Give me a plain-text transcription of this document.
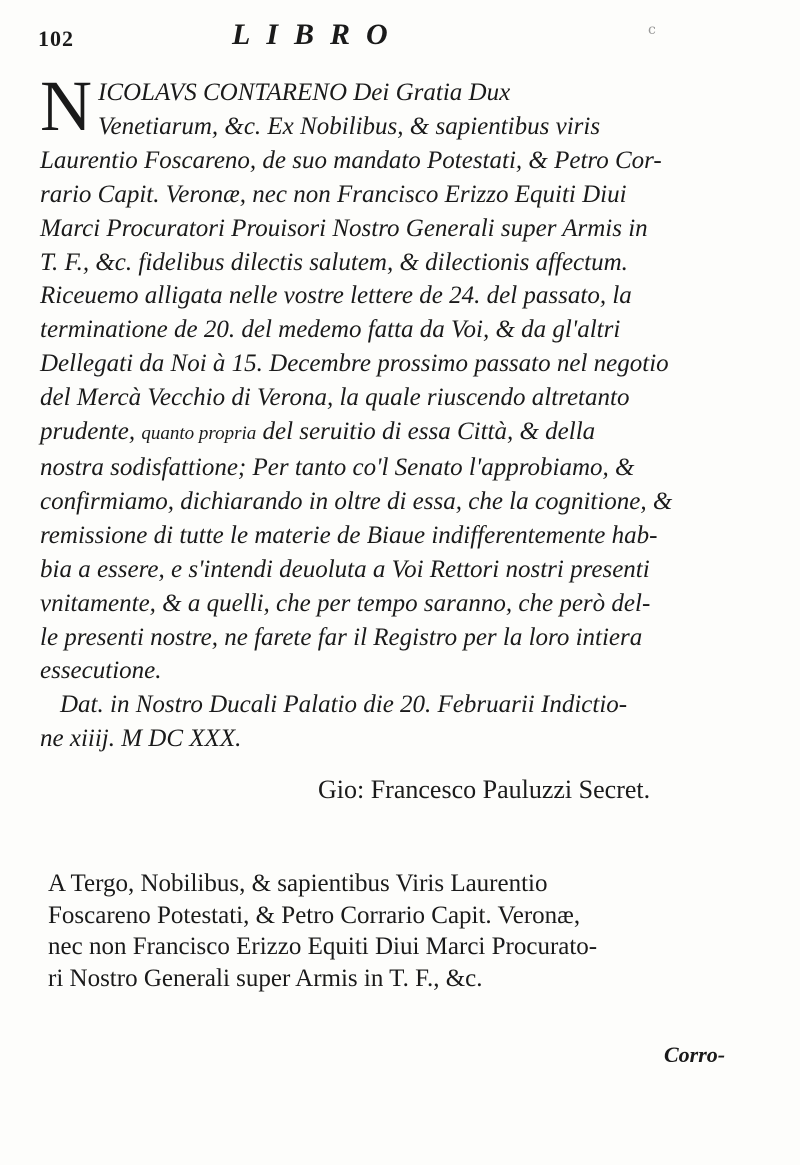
102	LIBRO	ⅽ
N ICOLAVS CONTARENO Dei Gratia Dux
Venetiarum, &c. Ex Nobilibus, & sapientibus viris
Laurentio Foscareno, de suo mandato Potestati, & Petro Cor-
rario Capit. Veronæ, nec non Francisco Erizzo Equiti Diui
Marci Procuratori Prouisori Nostro Generali super Armis in
T. F., &c. fidelibus dilectis salutem, & dilectionis affectum.
Riceuemo alligata nelle vostre lettere de 24. del passato, la
terminatione de 20. del medemo fatta da Voi, & da gl'altri
Dellegati da Noi à 15. Decembre prossimo passato nel negotio
del Mercà Vecchio di Verona, la quale riuscendo altretanto
prudente, quanto propria del seruitio di essa Città, & della
nostra sodisfattione; Per tanto co'l Senato l'approbiamo, &
confirmiamo, dichiarando in oltre di essa, che la cognitione, &
remissione di tutte le materie de Biaue indifferentemente hab-
bia a essere, e s'intendi deuoluta a Voi Rettori nostri presenti
vnitamente, & a quelli, che per tempo saranno, che però del-
le presenti nostre, ne farete far il Registro per la loro intiera
essecutione.
Dat. in Nostro Ducali Palatio die 20. Februarii Indictio-
ne xiiij. M DC XXX.
Gio: Francesco Pauluzzi Secret.
A Tergo, Nobilibus, & sapientibus Viris Laurentio
Foscareno Potestati, & Petro Corrario Capit. Veronæ,
nec non Francisco Erizzo Equiti Diui Marci Procurato-
ri Nostro Generali super Armis in T. F., &c.
Corro-
